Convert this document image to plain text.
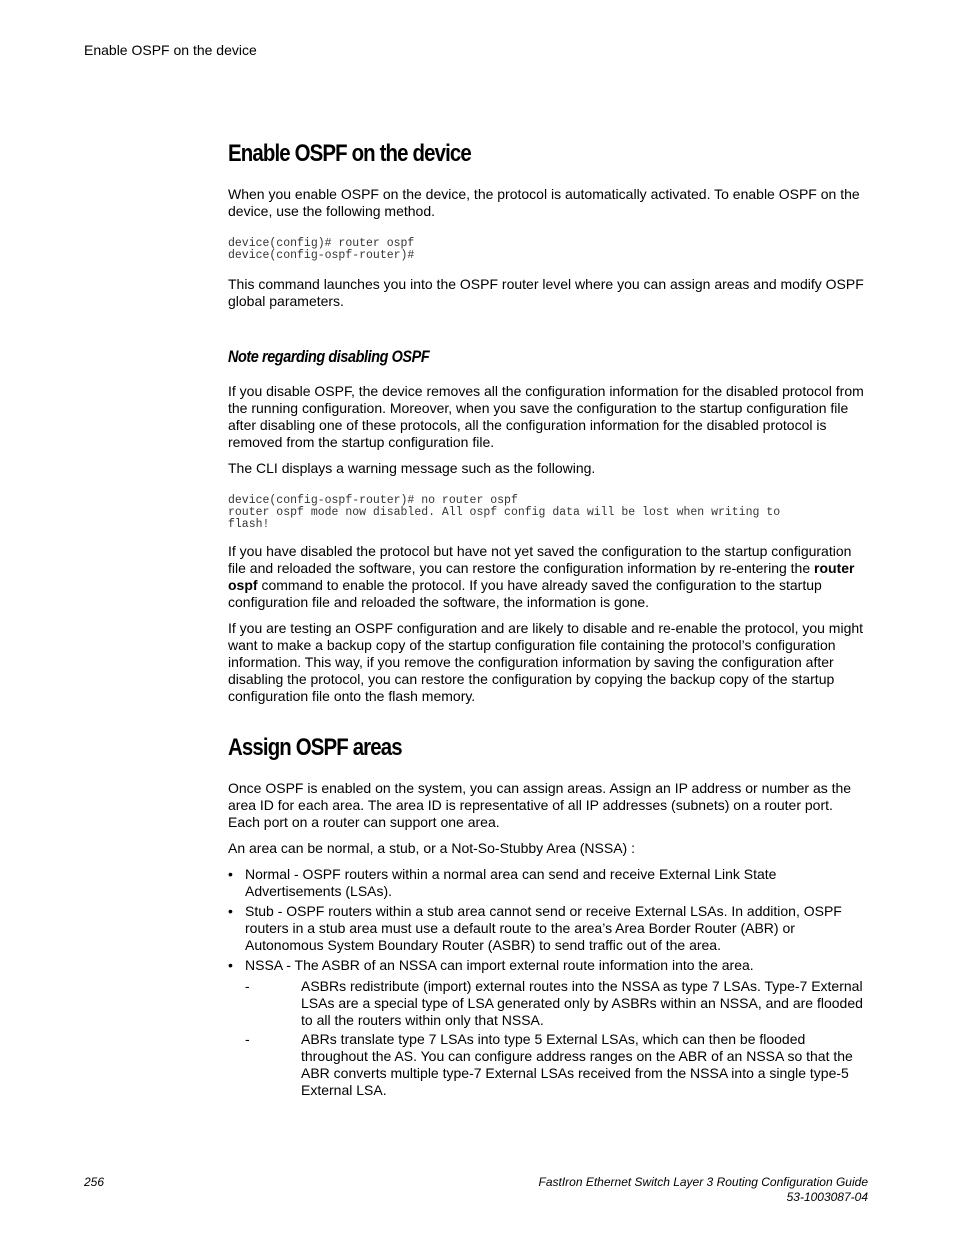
Enable OSPF on the device
Enable OSPF on the device

When you enable OSPF on the device, the protocol is automatically activated. To enable OSPF on the device, use the following method.

device(config)# router ospf
device(config-ospf-router)#

This command launches you into the OSPF router level where you can assign areas and modify OSPF global parameters.

Note regarding disabling OSPF

If you disable OSPF, the device removes all the configuration information for the disabled protocol from the running configuration. Moreover, when you save the configuration to the startup configuration file after disabling one of these protocols, all the configuration information for the disabled protocol is removed from the startup configuration file.

The CLI displays a warning message such as the following.

device(config-ospf-router)# no router ospf
router ospf mode now disabled. All ospf config data will be lost when writing to
flash!

If you have disabled the protocol but have not yet saved the configuration to the startup configuration file and reloaded the software, you can restore the configuration information by re-entering the router ospf command to enable the protocol. If you have already saved the configuration to the startup configuration file and reloaded the software, the information is gone.

If you are testing an OSPF configuration and are likely to disable and re-enable the protocol, you might want to make a backup copy of the startup configuration file containing the protocol’s configuration information. This way, if you remove the configuration information by saving the configuration after disabling the protocol, you can restore the configuration by copying the backup copy of the startup configuration file onto the flash memory.

Assign OSPF areas

Once OSPF is enabled on the system, you can assign areas. Assign an IP address or number as the area ID for each area. The area ID is representative of all IP addresses (subnets) on a router port. Each port on a router can support one area.

An area can be normal, a stub, or a Not-So-Stubby Area (NSSA) :

• Normal - OSPF routers within a normal area can send and receive External Link State Advertisements (LSAs).
• Stub - OSPF routers within a stub area cannot send or receive External LSAs. In addition, OSPF routers in a stub area must use a default route to the area’s Area Border Router (ABR) or Autonomous System Boundary Router (ASBR) to send traffic out of the area.
• NSSA - The ASBR of an NSSA can import external route information into the area.
-	ASBRs redistribute (import) external routes into the NSSA as type 7 LSAs. Type-7 External LSAs are a special type of LSA generated only by ASBRs within an NSSA, and are flooded to all the routers within only that NSSA.
-	ABRs translate type 7 LSAs into type 5 External LSAs, which can then be flooded throughout the AS. You can configure address ranges on the ABR of an NSSA so that the ABR converts multiple type-7 External LSAs received from the NSSA into a single type-5 External LSA.
256	FastIron Ethernet Switch Layer 3 Routing Configuration Guide
53-1003087-04
